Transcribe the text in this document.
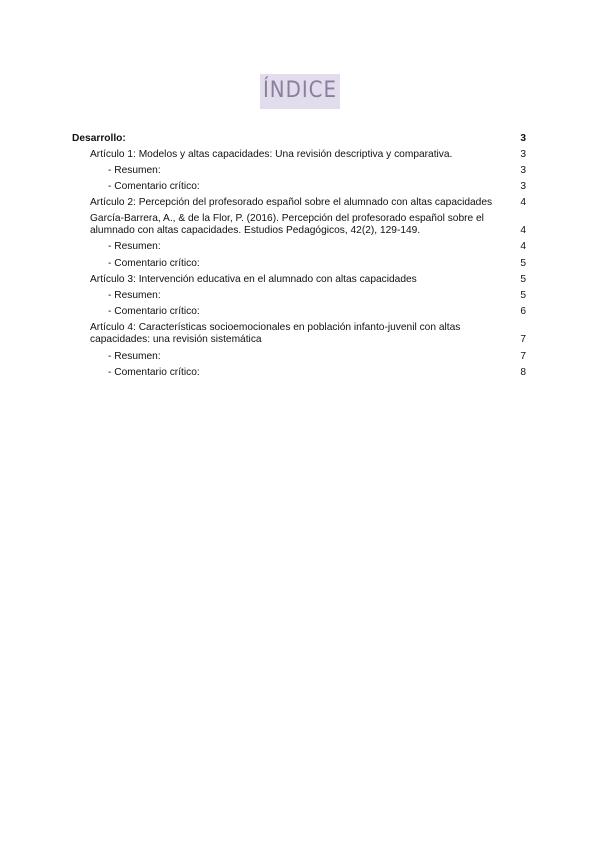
ÍNDICE
Desarrollo:	3
Artículo 1: Modelos y altas capacidades: Una revisión descriptiva y comparativa.	3
- Resumen:	3
- Comentario crítico:	3
Artículo 2: Percepción del profesorado español sobre el alumnado con altas capacidades	4
García-Barrera, A., & de la Flor, P. (2016). Percepción del profesorado español sobre el alumnado con altas capacidades. Estudios Pedagógicos, 42(2), 129-149.	4
- Resumen:	4
- Comentario crítico:	5
Artículo 3: Intervención educativa en el alumnado con altas capacidades	5
- Resumen:	5
- Comentario crítico:	6
Artículo 4: Características socioemocionales en población infanto-juvenil con altas capacidades: una revisión sistemática	7
- Resumen:	7
- Comentario crítico:	8
